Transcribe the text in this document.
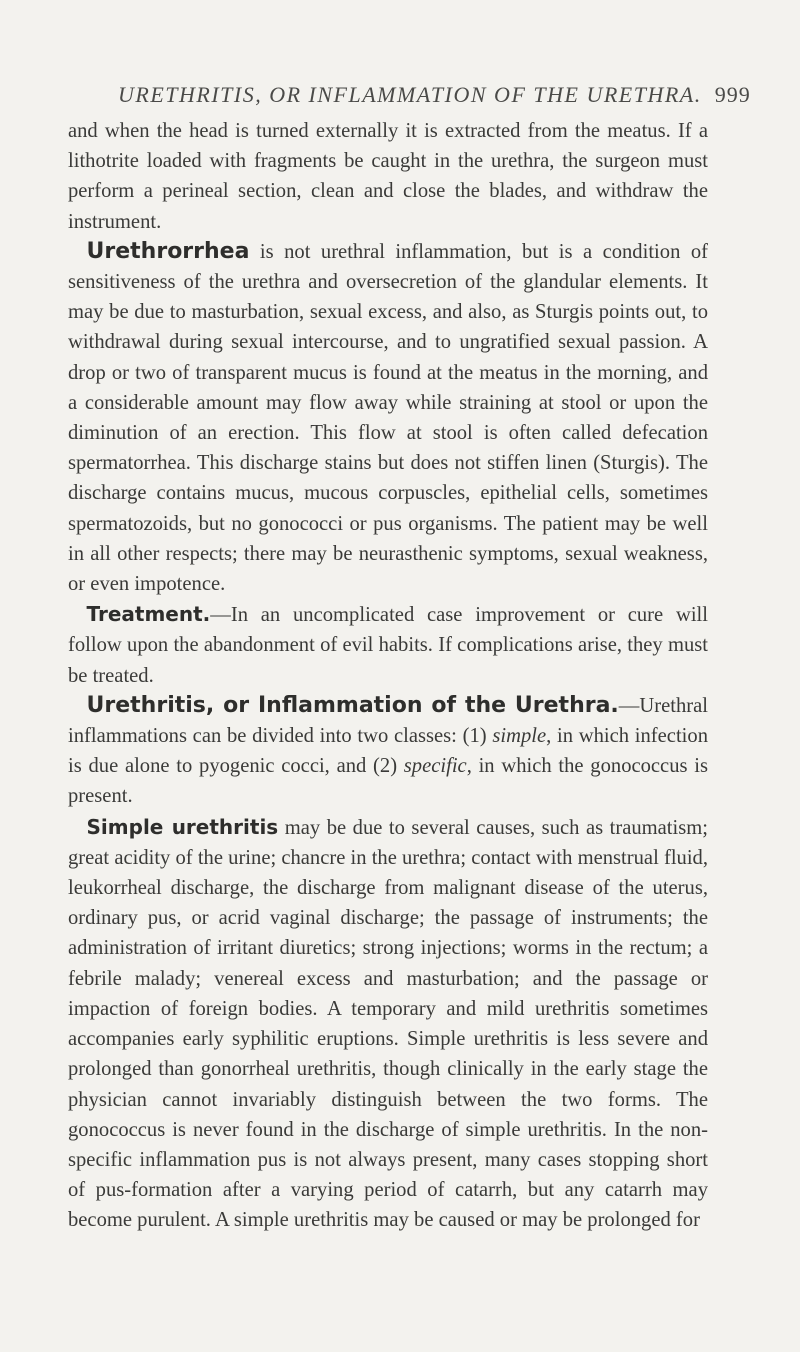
URETHRITIS, OR INFLAMMATION OF THE URETHRA. 999

and when the head is turned externally it is extracted from the meatus. If a lithotrite loaded with fragments be caught in the urethra, the surgeon must perform a perineal section, clean and close the blades, and withdraw the instrument.

Urethrorrhea is not urethral inflammation, but is a condition of sensitiveness of the urethra and oversecretion of the glandular elements. It may be due to masturbation, sexual excess, and also, as Sturgis points out, to withdrawal during sexual intercourse, and to ungratified sexual passion. A drop or two of transparent mucus is found at the meatus in the morning, and a considerable amount may flow away while straining at stool or upon the diminution of an erection. This flow at stool is often called defecation spermatorrhea. This discharge stains but does not stiffen linen (Sturgis). The discharge contains mucus, mucous corpuscles, epithelial cells, sometimes spermatozoids, but no gonococci or pus organisms. The patient may be well in all other respects; there may be neurasthenic symptoms, sexual weakness, or even impotence.

Treatment.—In an uncomplicated case improvement or cure will follow upon the abandonment of evil habits. If complications arise, they must be treated.

Urethritis, or Inflammation of the Urethra.—Urethral inflammations can be divided into two classes: (1) simple, in which infection is due alone to pyogenic cocci, and (2) specific, in which the gonococcus is present.

Simple urethritis may be due to several causes, such as traumatism; great acidity of the urine; chancre in the urethra; contact with menstrual fluid, leukorrheal discharge, the discharge from malignant disease of the uterus, ordinary pus, or acrid vaginal discharge; the passage of instruments; the administration of irritant diuretics; strong injections; worms in the rectum; a febrile malady; venereal excess and masturbation; and the passage or impaction of foreign bodies. A temporary and mild urethritis sometimes accompanies early syphilitic eruptions. Simple urethritis is less severe and prolonged than gonorrheal urethritis, though clinically in the early stage the physician cannot invariably distinguish between the two forms. The gonococcus is never found in the discharge of simple urethritis. In the non-specific inflammation pus is not always present, many cases stopping short of pus-formation after a varying period of catarrh, but any catarrh may become purulent. A simple urethritis may be caused or may be prolonged for
